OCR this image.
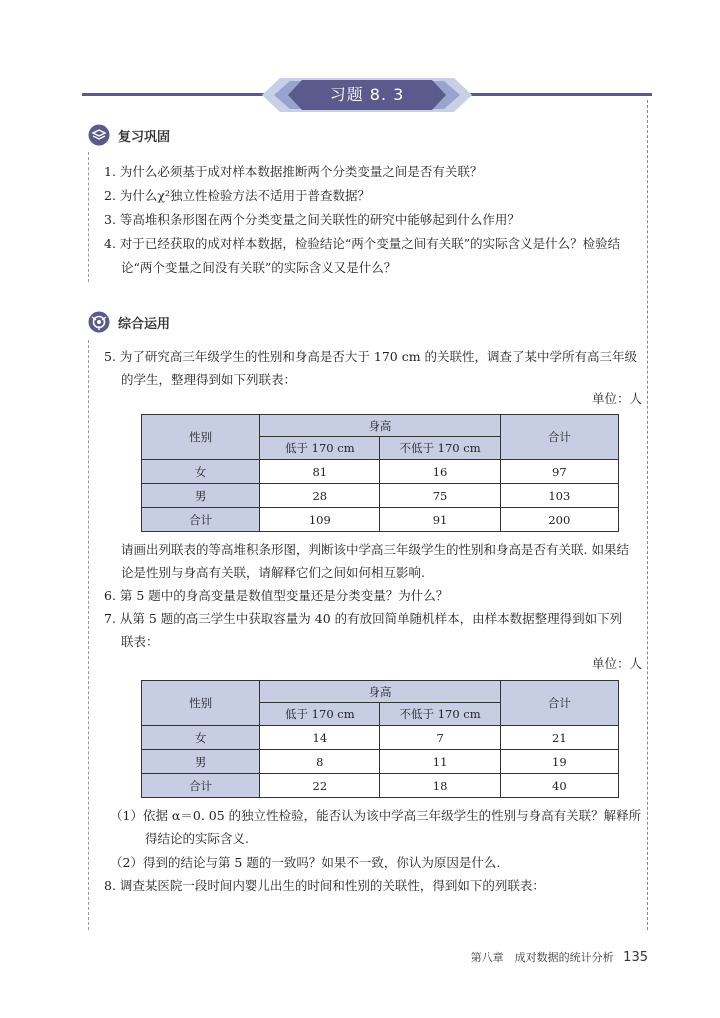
习题 8. 3
复习巩固
1. 为什么必须基于成对样本数据推断两个分类变量之间是否有关联？
2. 为什么χ²独立性检验方法不适用于普查数据？
3. 等高堆积条形图在两个分类变量之间关联性的研究中能够起到什么作用？
4. 对于已经获取的成对样本数据，检验结论“两个变量之间有关联”的实际含义是什么？检验结
论“两个变量之间没有关联”的实际含义又是什么？
综合运用
5. 为了研究高三年级学生的性别和身高是否大于 170 cm 的关联性，调查了某中学所有高三年级
的学生，整理得到如下列联表：
单位：人
性别	身高		合计
	低于 170 cm	不低于 170 cm	
女	81	16	97
男	28	75	103
合计	109	91	200
请画出列联表的等高堆积条形图，判断该中学高三年级学生的性别和身高是否有关联. 如果结
论是性别与身高有关联，请解释它们之间如何相互影响.
6. 第 5 题中的身高变量是数值型变量还是分类变量？为什么？
7. 从第 5 题的高三学生中获取容量为 40 的有放回简单随机样本，由样本数据整理得到如下列
联表：
单位：人
性别	身高		合计
	低于 170 cm	不低于 170 cm	
女	14	7	21
男	8	11	19
合计	22	18	40
（1）依据 α＝0. 05 的独立性检验，能否认为该中学高三年级学生的性别与身高有关联？解释所
得结论的实际含义.
（2）得到的结论与第 5 题的一致吗？如果不一致，你认为原因是什么.
8. 调查某医院一段时间内婴儿出生的时间和性别的关联性，得到如下的列联表：
第八章　成对数据的统计分析 135
